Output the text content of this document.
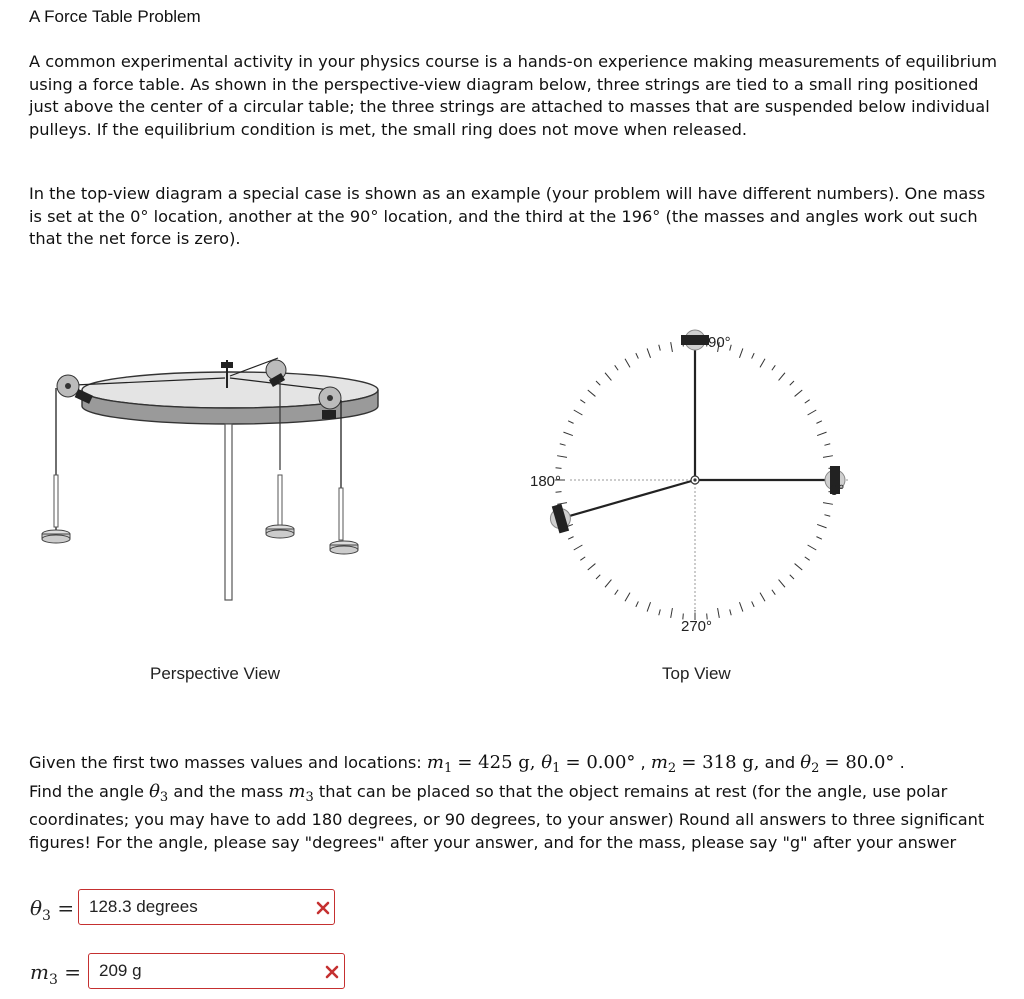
A Force Table Problem

A common experimental activity in your physics course is a hands-on experience making measurements of equilibrium using a force table. As shown in the perspective-view diagram below, three strings are tied to a small ring positioned just above the center of a circular table; the three strings are attached to masses that are suspended below individual pulleys. If the equilibrium condition is met, the small ring does not move when released.

In the top-view diagram a special case is shown as an example (your problem will have different numbers). One mass is set at the 0° location, another at the 90° location, and the third at the 196° (the masses and angles work out such that the net force is zero).

90°
180°
270°
0°
Perspective View	Top View

Given the first two masses values and locations: $m_1 = 425$ g, $\theta_1 = 0.00^\circ$ , $m_2 = 318$ g, and $\theta_2 = 80.0^\circ$ .
Find the angle $\theta_3$ and the mass $m_3$ that can be placed so that the object remains at rest (for the angle, use polar coordinates; you may have to add 180 degrees, or 90 degrees, to your answer) Round all answers to three significant figures! For the angle, please say "degrees" after your answer, and for the mass, please say "g" after your answer

$\theta_3$ =
128.3 degrees
$m_3$ =
209 g
